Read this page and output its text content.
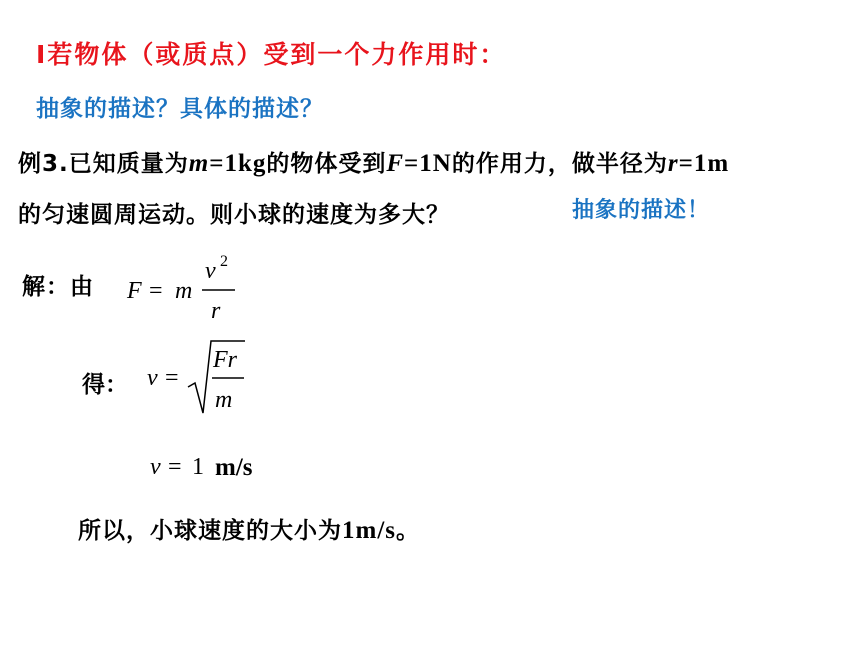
Ⅰ若物体（或质点）受到一个力作用时：
抽象的描述？具体的描述？
例3.已知质量为m=1kg的物体受到F=1N的作用力，做半径为r=1m
的匀速圆周运动。则小球的速度为多大？	抽象的描述！
解：由 F = m
v 2
r
得： v =
Fr
m
v = 1 m/s
所以，小球速度的大小为1m/s。
